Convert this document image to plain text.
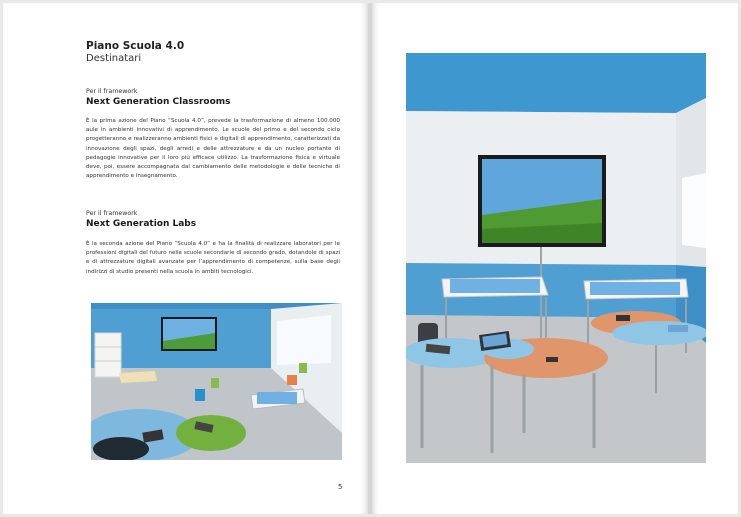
Piano Scuola 4.0
Destinatari
Per il framework
Next Generation Classrooms

È la prima azione del Piano “Scuola 4.0”, prevede la trasformazione di almeno 100.000 aule in ambienti innovativi di apprendimento. Le scuole del primo e del secondo ciclo progetteranno e realizzeranno ambienti fisici e digitali di apprendimento, caratterizzati da innovazione degli spazi, degli arredi e delle attrezzature e da un nucleo portante di pedagogie innovative per il loro più efficace utilizzo. La trasformazione fisica e virtuale deve, poi, essere accompagnata dal cambiamento delle metodologie e delle tecniche di apprendimento e insegnamento.

Per il framework
Next Generation Labs

È la seconda azione del Piano “Scuola 4.0” e ha la finalità di realizzare laboratori per le professioni digitali del futuro nelle scuole secondarie di secondo grado, dotandole di spazi e di attrezzature digitali avanzate per l’apprendimento di competenze, sulla base degli indirizzi di studio presenti nella scuola in ambiti tecnologici.

5
